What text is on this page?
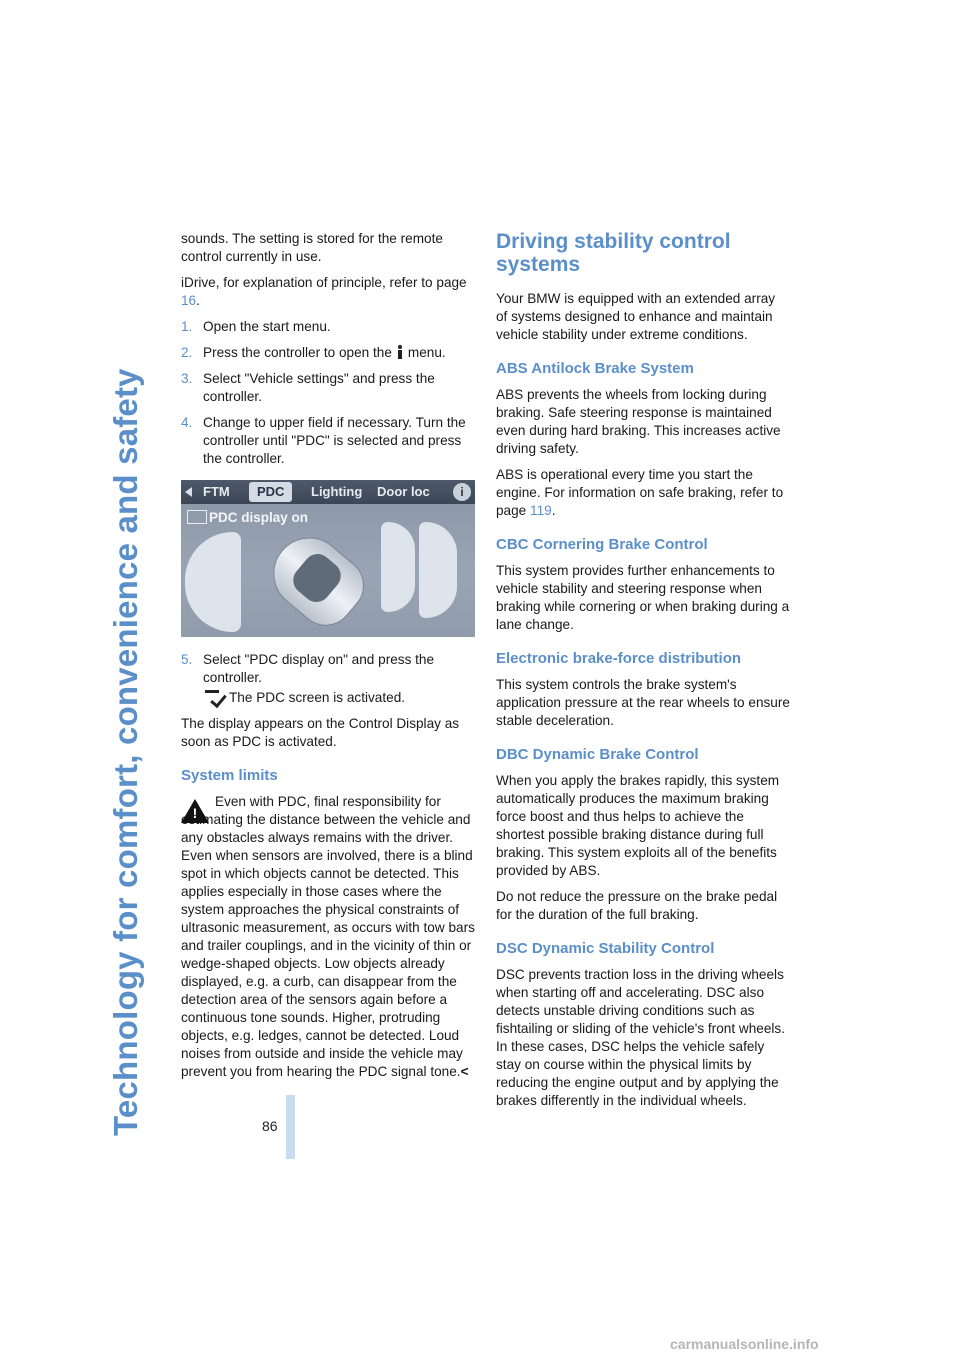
Technology for comfort, convenience and safety	86

sounds. The setting is stored for the remote control currently in use.

iDrive, for explanation of principle, refer to page 16.

1. Open the start menu.
2. Press the controller to open the menu.
3. Select "Vehicle settings" and press the controller.
4. Change to upper field if necessary. Turn the controller until "PDC" is selected and press the controller.
FTM	PDC	Lighting Door loc
i
PDC display on
5. Select "PDC display on" and press the controller.

The PDC screen is activated.

The display appears on the Control Display as soon as PDC is activated.

System limits
!

Even with PDC, final responsibility for estimating the distance between the vehicle and any obstacles always remains with the driver. Even when sensors are involved, there is a blind spot in which objects cannot be detected. This applies especially in those cases where the system approaches the physical constraints of ultrasonic measurement, as occurs with tow bars and trailer couplings, and in the vicinity of thin or wedge-shaped objects. Low objects already displayed, e.g. a curb, can disappear from the detection area of the sensors again before a continuous tone sounds. Higher, protruding objects, e.g. ledges, cannot be detected. Loud noises from outside and inside the vehicle may prevent you from hearing the PDC signal tone.<

Driving stability control systems

Your BMW is equipped with an extended array of systems designed to enhance and maintain vehicle stability under extreme conditions.

ABS Antilock Brake System

ABS prevents the wheels from locking during braking. Safe steering response is maintained even during hard braking. This increases active driving safety.

ABS is operational every time you start the engine. For information on safe braking, refer to page 119.

CBC Cornering Brake Control

This system provides further enhancements to vehicle stability and steering response when braking while cornering or when braking during a lane change.

Electronic brake-force distribution

This system controls the brake system's application pressure at the rear wheels to ensure stable deceleration.

DBC Dynamic Brake Control

When you apply the brakes rapidly, this system automatically produces the maximum braking force boost and thus helps to achieve the shortest possible braking distance during full braking. This system exploits all of the benefits provided by ABS.

Do not reduce the pressure on the brake pedal for the duration of the full braking.

DSC Dynamic Stability Control

DSC prevents traction loss in the driving wheels when starting off and accelerating. DSC also detects unstable driving conditions such as fishtailing or sliding of the vehicle's front wheels. In these cases, DSC helps the vehicle safely stay on course within the physical limits by reducing the engine output and by applying the brakes differently in the individual wheels.

carmanualsonline.info
